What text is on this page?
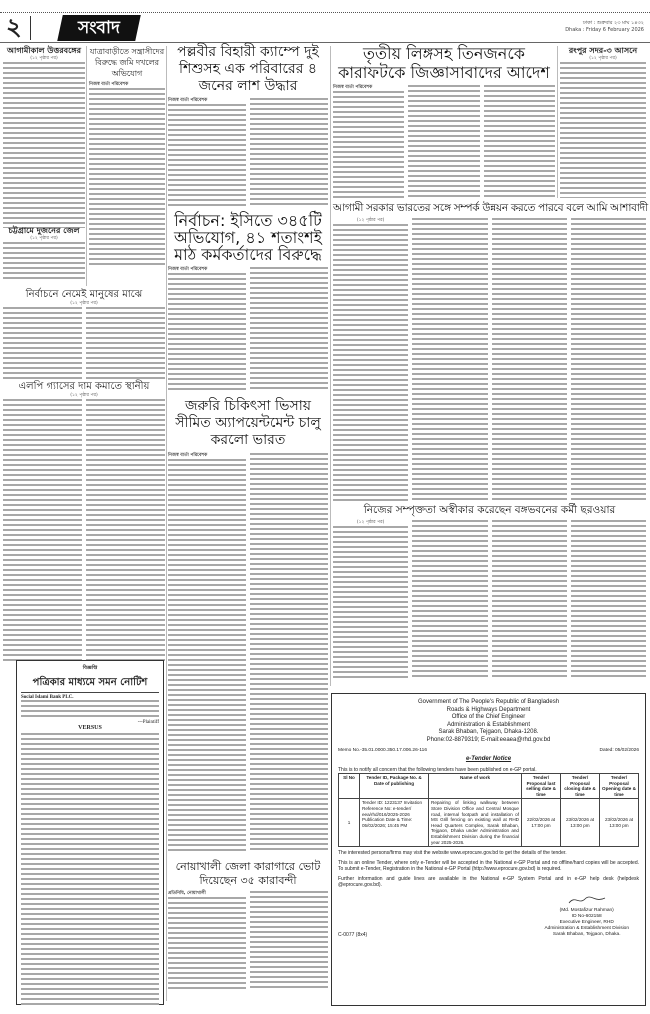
২	সংবাদ	ঢাকা : শুক্রবার ২৩ মাঘ ১৪৩২
Dhaka : Friday 6 February 2026
আগামীকাল উত্তরবঙ্গের
(১২ পৃষ্ঠার পর)
চট্টগ্রামে দুজনের জেল
(১২ পৃষ্ঠার পর)
যাত্রাবাড়ীতে সন্ত্রাসীদের বিরুদ্ধে জমি দখলের অভিযোগ
নিজস্ব বার্তা পরিবেশক
নির্বাচনে নেমেই মানুষের মাঝে
(১২ পৃষ্ঠার পর)
এলপি গ্যাসের দাম কমাতে স্থানীয়
(১২ পৃষ্ঠার পর)
বিজ্ঞপ্তি
পত্রিকার মাধ্যমে সমন নোটিশ
Social Islami Bank PLC.
---Plaintiff
VERSUS
পল্লবীর বিহারী ক্যাম্পে দুই শিশুসহ এক পরিবারের ৪ জনের লাশ উদ্ধার
নিজস্ব বার্তা পরিবেশক
নির্বাচন: ইসিতে ৩৪৫টি অভিযোগ, ৪১ শতাংশই মাঠ কর্মকর্তাদের বিরুদ্ধে
নিজস্ব বার্তা পরিবেশক
জরুরি চিকিৎসা ভিসায় সীমিত অ্যাপয়েন্টমেন্ট চালু করলো ভারত
নিজস্ব বার্তা পরিবেশক
নোয়াখালী জেলা কারাগারে ভোট দিয়েছেন ৩৫ কারাবন্দী
প্রতিনিধি, নোয়াখালী
তৃতীয় লিঙ্গসহ তিনজনকে কারাফটকে জিজ্ঞাসাবাদের আদেশ
নিজস্ব বার্তা পরিবেশক
রংপুর সদর-৩ আসনে
(১২ পৃষ্ঠার পর)
আগামী সরকার ভারতের সঙ্গে সম্পর্ক উন্নয়ন করতে পারবে বলে আমি আশাবাদী
(১২ পৃষ্ঠার পর)
নিজের সম্পৃক্ততা অস্বীকার করেছেন বঙ্গভবনের কর্মী ছরওয়ার
(১২ পৃষ্ঠার পর)
Government of The People's Republic of Bangladesh
Roads & Highways Department
Office of the Chief Engineer
Administration & Establishment
Sarak Bhaban, Tejgaon, Dhaka-1208.
Phone:02-8879319; E-mail:eeaea@rhd.gov.bd
Memo No.-35.01.0000.350.17.006.26-116	Dated: 05/02/2026
e-Tender Notice

This is to notify all concern that the following tenders have been published on e-GP portal.

Sl No	Tender ID, Package No. & Date of publishing	Name of work	Tender/ Proposal last selling date & time	Tender/ Proposal closing date & time	Tender/ Proposal Opening date & time
1	Tender ID: 1223137 Invitation Reference No: e-tender/ eea/rhd/016/2025-2026 Publication Date & Time: 05/02/2026; 15:45 PM	Repairing of linking walkway between Store Division Office and Central Mosque road, internal footpath and installation of MS Grill fencing on existing wall at RHD Head Quarters Complex, Sarak Bhaban, Tejgaon, Dhaka under Administration and Establishment Division during the financial year 2025-2026.	22/02/2026 at 17:00 pm	23/02/2026 at 13:00 pm	23/02/2026 at 13:00 pm

The interested persons/firms may visit the website www.eprocure.gov.bd to get the details of the tender.

This is an online Tender, where only e-Tender will be accepted in the National e-GP Portal and no offline/hard copies will be accepted. To submit e-Tender, Registration in the National e-GP Portal (http://www.eprocure.gov.bd) is required.

Further information and guide lines are available in the National e-GP System Portal and in e-GP help desk (helpdesk @eprocure.gov.bd).

C-0077 (8x4)
(Md. Mostafizur Rahman)
ID No-602158
Executive Engineer, RHD
Administration & Establishment Division
Sarak Bhaban, Tejgaon, Dhaka.
